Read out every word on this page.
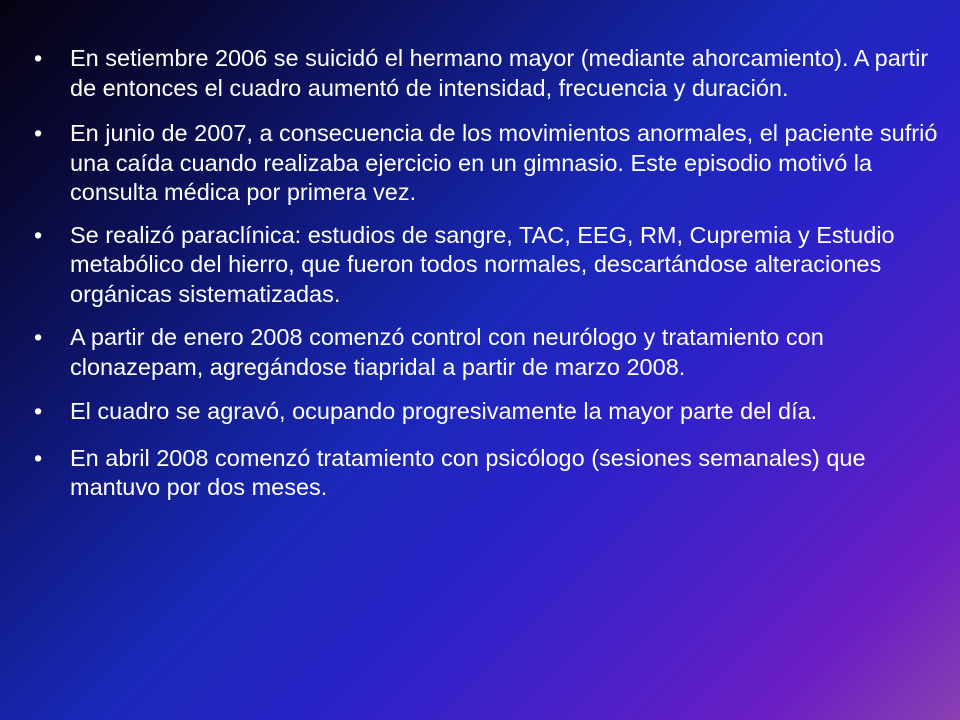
•	En setiembre 2006 se suicidó el hermano mayor (mediante ahorcamiento). A partir de entonces el cuadro aumentó de intensidad, frecuencia y duración.
•	En junio de 2007, a consecuencia de los movimientos anormales, el paciente sufrió una caída cuando realizaba ejercicio en un gimnasio. Este episodio motivó la consulta médica por primera vez.
•	Se realizó paraclínica: estudios de sangre, TAC, EEG, RM, Cupremia y Estudio metabólico del hierro, que fueron todos normales, descartándose alteraciones orgánicas sistematizadas.
•	A partir de enero 2008 comenzó control con neurólogo y tratamiento con clonazepam, agregándose tiapridal a partir de marzo 2008.
•	El cuadro se agravó, ocupando progresivamente la mayor parte del día.
•	En abril 2008 comenzó tratamiento con psicólogo (sesiones semanales) que mantuvo por dos meses.
